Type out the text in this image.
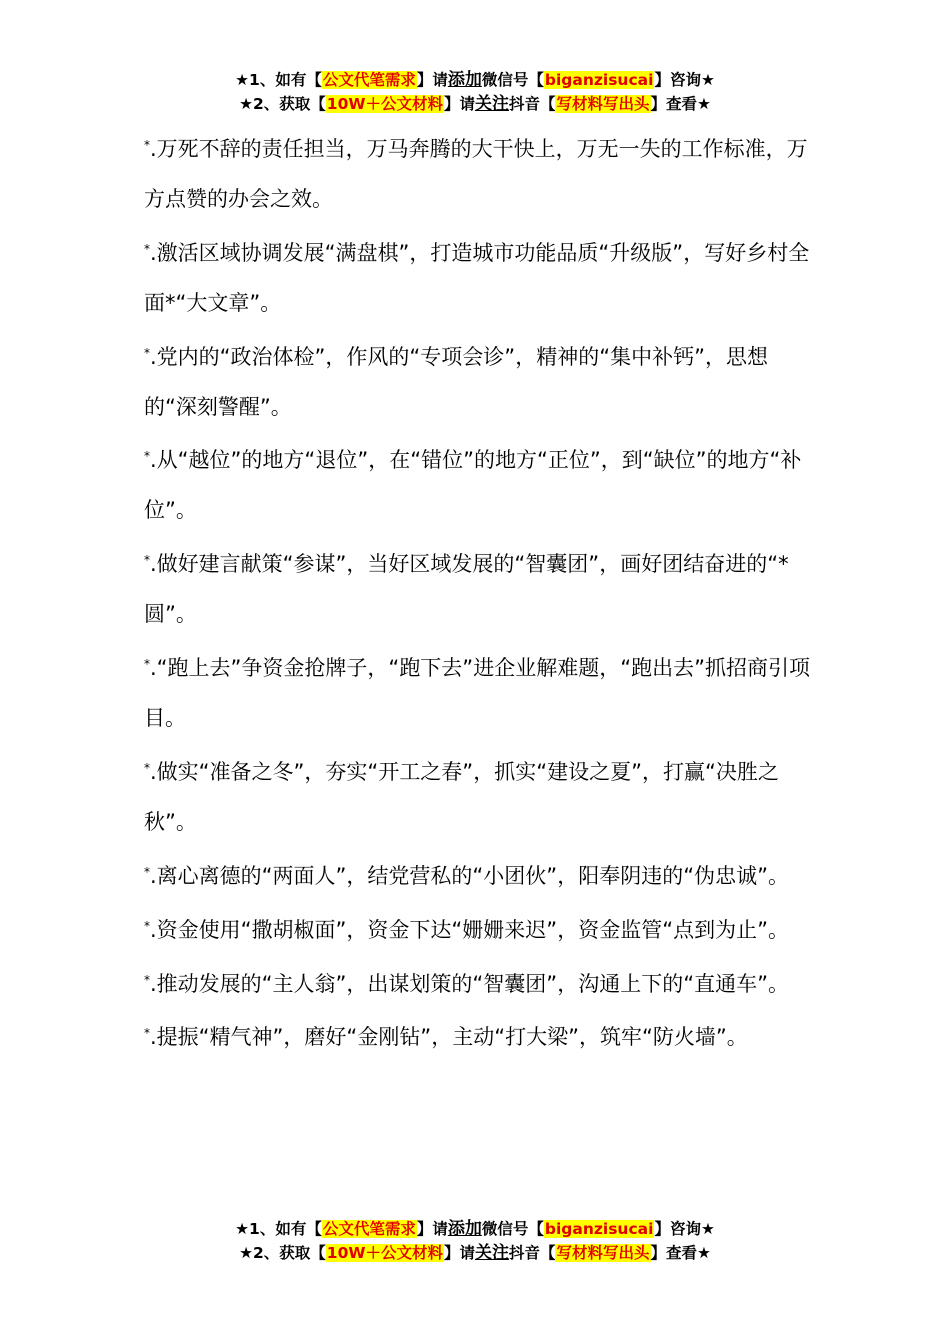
★1、如有【公文代笔需求】请添加微信号【biganzisucai】咨询★
★2、获取【10W＋公文材料】请关注抖音【写材料写出头】查看★

*.万死不辞的责任担当，万马奔腾的大干快上，万无一失的工作标准，万方点赞的办会之效。

*.激活区域协调发展“满盘棋”，打造城市功能品质“升级版”，写好乡村全面*“大文章”。

*.党内的“政治体检”，作风的“专项会诊”，精神的“集中补钙”，思想的“深刻警醒”。

*.从“越位”的地方“退位”，在“错位”的地方“正位”，到“缺位”的地方“补位”。

*.做好建言献策“参谋”，当好区域发展的“智囊团”，画好团结奋进的“*圆”。

*.“跑上去”争资金抢牌子，“跑下去”进企业解难题，“跑出去”抓招商引项目。

*.做实“准备之冬”，夯实“开工之春”，抓实“建设之夏”，打赢“决胜之秋”。

*.离心离德的“两面人”，结党营私的“小团伙”，阳奉阴违的“伪忠诚”。

*.资金使用“撒胡椒面”，资金下达“姗姗来迟”，资金监管“点到为止”。

*.推动发展的“主人翁”，出谋划策的“智囊团”，沟通上下的“直通车”。

*.提振“精气神”，磨好“金刚钻”，主动“打大梁”，筑牢“防火墙”。

★1、如有【公文代笔需求】请添加微信号【biganzisucai】咨询★
★2、获取【10W＋公文材料】请关注抖音【写材料写出头】查看★
